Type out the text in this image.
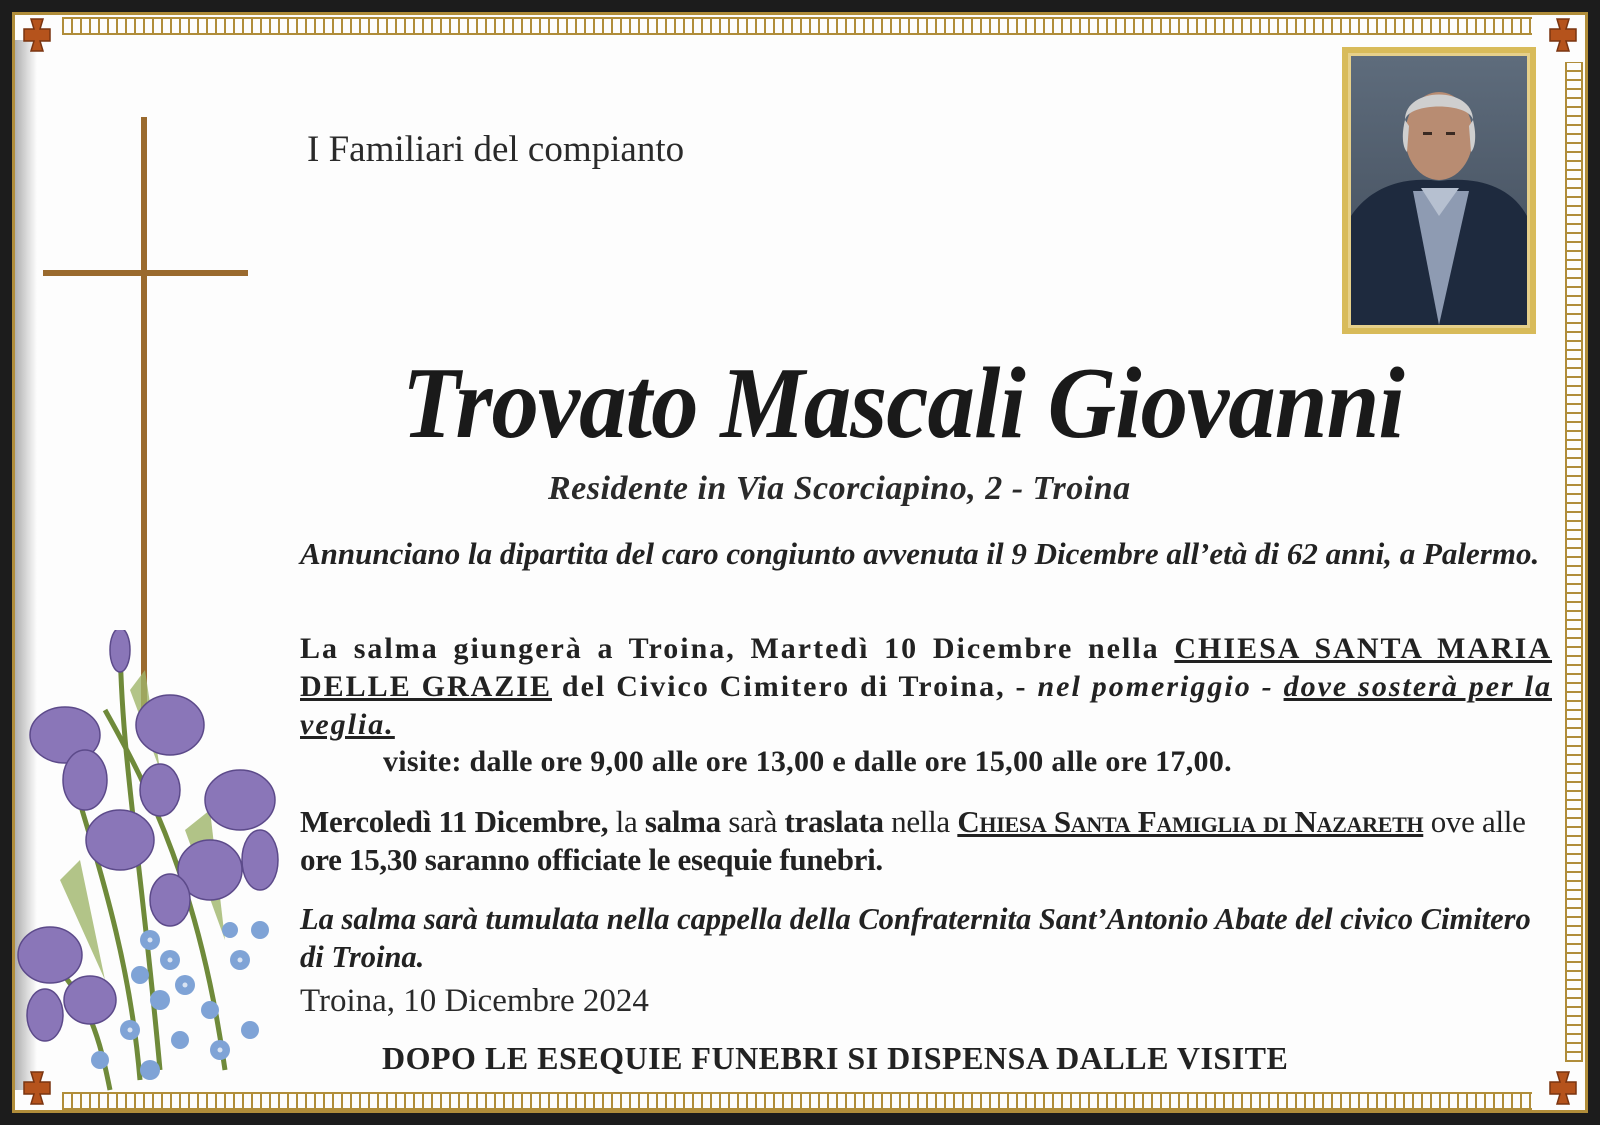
I Familiari del compianto
Trovato Mascali Giovanni
Residente in Via Scorciapino, 2 - Troina
Annunciano la dipartita del caro congiunto avvenuta il 9 Dicembre all’età di 62 anni, a Palermo.
La salma giungerà a Troina, Martedì 10 Dicembre nella CHIESA SANTA MARIA DELLE GRAZIE del Civico Cimitero di Troina, - nel pomeriggio - dove sosterà per la veglia.
visite: dalle ore 9,00 alle ore 13,00 e dalle ore 15,00 alle ore 17,00.
Mercoledì 11 Dicembre, la salma sarà traslata nella Chiesa Santa Famiglia di Nazareth ove alle ore 15,30 saranno officiate le esequie funebri.
La salma sarà tumulata nella cappella della Confraternita Sant’Antonio Abate del civico Cimitero di Troina.
Troina, 10 Dicembre 2024
DOPO LE ESEQUIE FUNEBRI SI DISPENSA DALLE VISITE
